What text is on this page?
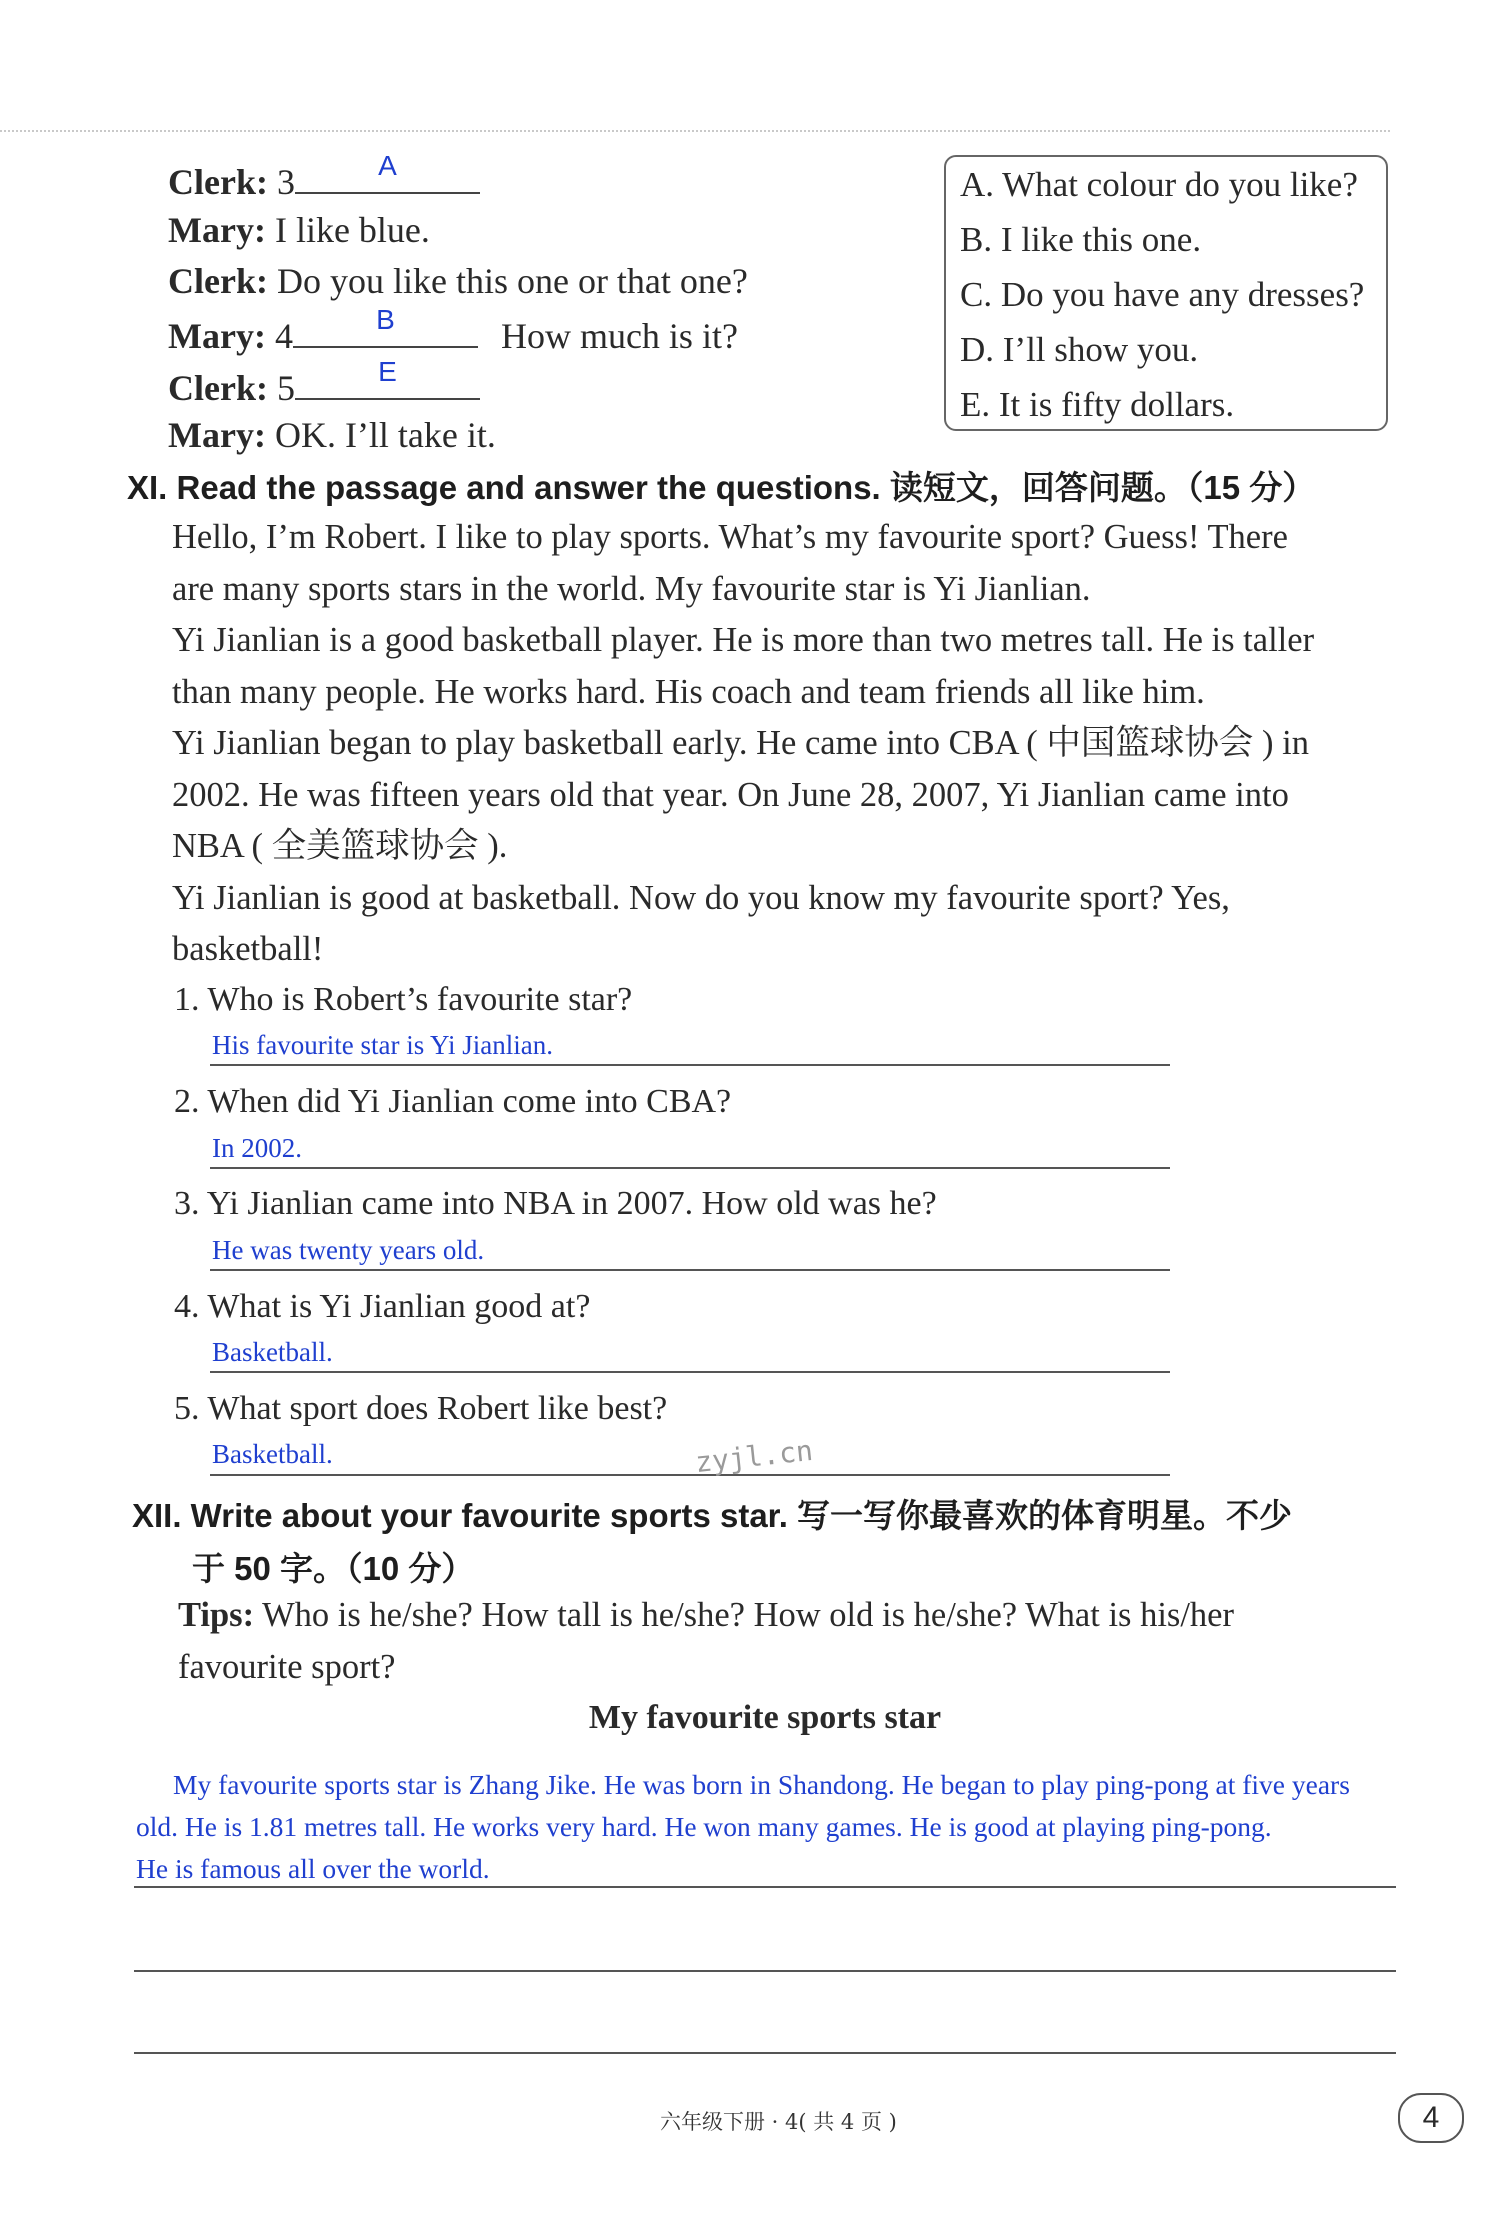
Clerk: 3	A
Mary: I like blue.
Clerk: Do you like this one or that one?
Mary: 4	B	How much is it?
Clerk: 5	E
Mary: OK. I’ll take it.
A. What colour do you like?
B. I like this one.
C. Do you have any dresses?
D. I’ll show you.
E. It is fifty dollars.
XI. Read the passage and answer the questions. 读短文，回答问题。（15 分）
Hello, I’m Robert. I like to play sports. What’s my favourite sport? Guess! There
are many sports stars in the world. My favourite star is Yi Jianlian.
Yi Jianlian is a good basketball player. He is more than two metres tall. He is taller
than many people. He works hard. His coach and team friends all like him.
Yi Jianlian began to play basketball early. He came into CBA ( 中国篮球协会 ) in
2002. He was fifteen years old that year. On June 28, 2007, Yi Jianlian came into
NBA ( 全美篮球协会 ).
Yi Jianlian is good at basketball. Now do you know my favourite sport? Yes,
basketball!
1. Who is Robert’s favourite star?
His favourite star is Yi Jianlian.
2. When did Yi Jianlian come into CBA?
In 2002.
3. Yi Jianlian came into NBA in 2007. How old was he?
He was twenty years old.
4. What is Yi Jianlian good at?
Basketball.
5. What sport does Robert like best?
Basketball.	zyjl.cn
XII. Write about your favourite sports star. 写一写你最喜欢的体育明星。不少
于 50 字。（10 分）
Tips: Who is he/she? How tall is he/she? How old is he/she? What is his/her
favourite sport?
My favourite sports star
My favourite sports star is Zhang Jike. He was born in Shandong. He began to play ping-pong at five years
old. He is 1.81 metres tall. He works very hard. He won many games. He is good at playing ping-pong.
He is famous all over the world.
六年级下册 · 4( 共 4 页 )	4
